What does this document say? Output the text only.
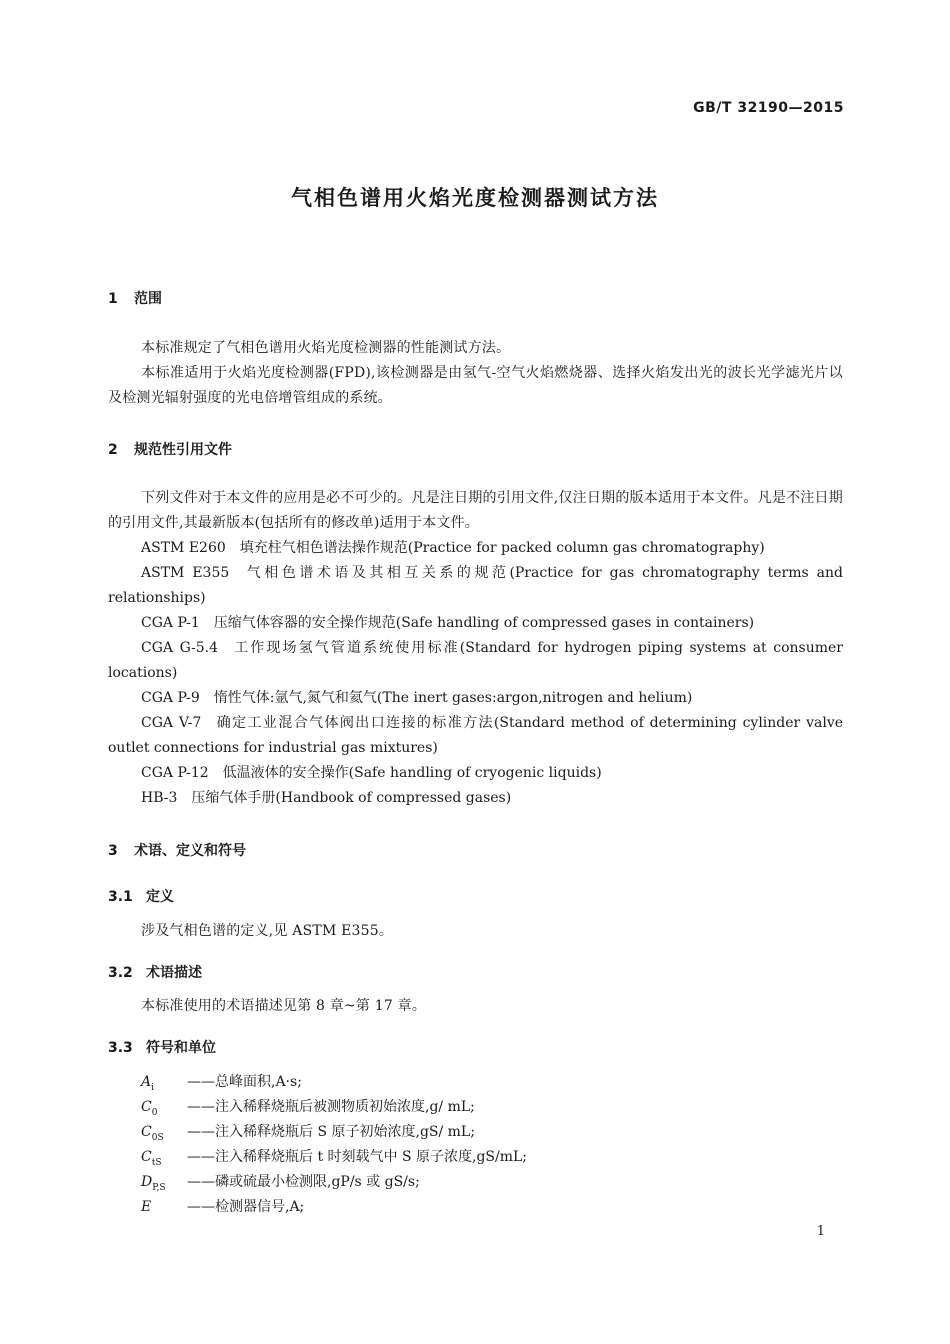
GB/T 32190—2015
气相色谱用火焰光度检测器测试方法
1 范围
本标准规定了气相色谱用火焰光度检测器的性能测试方法。
本标准适用于火焰光度检测器(FPD),该检测器是由氢气-空气火焰燃烧器、选择火焰发出光的波长光学滤光片以及检测光辐射强度的光电倍增管组成的系统。
2 规范性引用文件
下列文件对于本文件的应用是必不可少的。凡是注日期的引用文件,仅注日期的版本适用于本文件。凡是不注日期的引用文件,其最新版本(包括所有的修改单)适用于本文件。
ASTM E260 填充柱气相色谱法操作规范(Practice for packed column gas chromatography)
ASTM E355 气相色谱术语及其相互关系的规范(Practice for gas chromatography terms and relationships)
CGA P-1 压缩气体容器的安全操作规范(Safe handling of compressed gases in containers)
CGA G-5.4 工作现场氢气管道系统使用标准(Standard for hydrogen piping systems at consumer locations)
CGA P-9 惰性气体:氩气,氮气和氦气(The inert gases:argon,nitrogen and helium)
CGA V-7 确定工业混合气体阀出口连接的标准方法(Standard method of determining cylinder valve outlet connections for industrial gas mixtures)
CGA P-12 低温液体的安全操作(Safe handling of cryogenic liquids)
HB-3 压缩气体手册(Handbook of compressed gases)
3 术语、定义和符号
3.1 定义
涉及气相色谱的定义,见 ASTM E355。
3.2 术语描述
本标准使用的术语描述见第 8 章~第 17 章。
3.3 符号和单位
$A_i$ ——总峰面积,A·s;
$C_0$ ——注入稀释烧瓶后被测物质初始浓度,g/ mL;
$C_{0S}$ ——注入稀释烧瓶后 S 原子初始浓度,gS/ mL;
$C_{tS}$ ——注入稀释烧瓶后 t 时刻载气中 S 原子浓度,gS/mL;
$D_{P,S}$ ——磷或硫最小检测限,gP/s 或 gS/s;
E	——检测器信号,A;
1
